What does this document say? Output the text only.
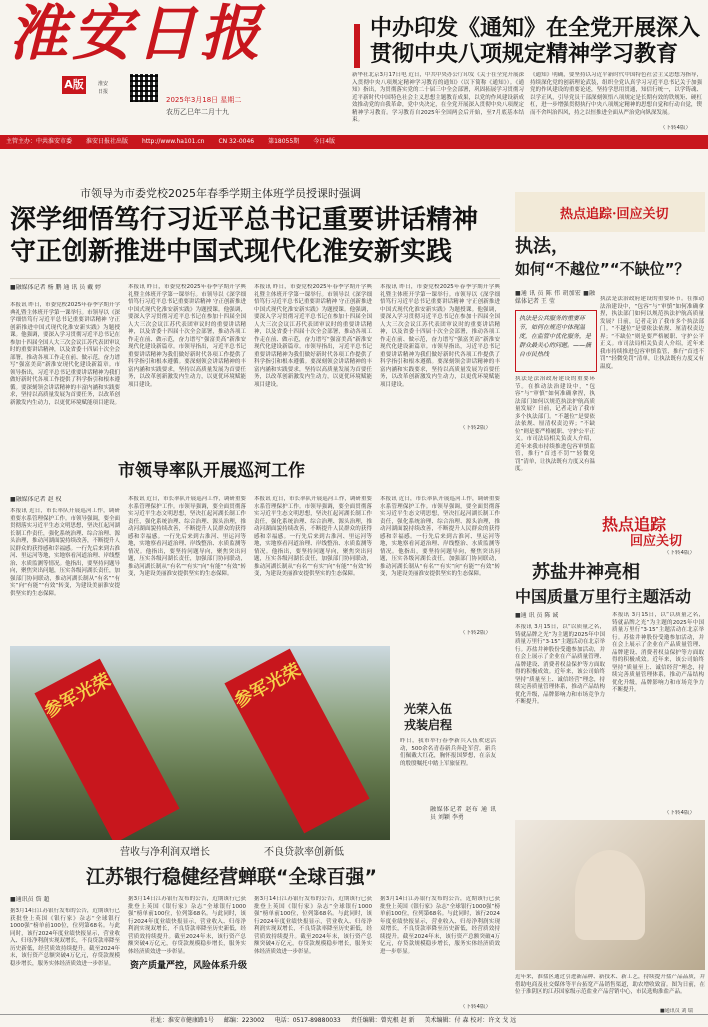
淮安日报
A版	淮安
日报
2025年3月18日 星期二
农历乙巳年二月十九
中办印发《通知》在全党开展深入
贯彻中央八项规定精神学习教育
新华社北京3月17日电 近日，中共中央办公厅印发《关于在全党开展深入贯彻中央八项规定精神学习教育的通知》（以下简称《通知》）。《通知》指出，为贯彻落实党的二十届三中全会部署，巩固拓展学习贯彻习近平新时代中国特色社会主义思想主题教育成果，以党的作风建设新成效推动党的自我革命，党中央决定，在全党开展深入贯彻中央八项规定精神学习教育。学习教育自2025年全国两会后开始，至7月底基本结束。
《通知》明确，要坚持以习近平新时代中国特色社会主义思想为指导，持续深化党的创新理论武装，组织全党认真学习习近平总书记关于加强党的作风建设的重要论述，坚持学思用贯通，知信行统一，以学铸魂、以学正风，引导党员干部深刻领悟八项规定是长期有效的铁规矩、硬杠杠，进一步增强贯彻执行中央八项规定精神的思想自觉和行动自觉，锲而不舍纠治四风，持之以恒推进全面从严治党向纵深发展。
主管主办：中共淮安市委 淮安日报社出版 http://www.ha101.cn CN 32-0046 第18055期 今日4版
市领导为市委党校2025年春季学期主体班学员授课时强调
深学细悟笃行习近平总书记重要讲话精神
守正创新推进中国式现代化淮安新实践
■融媒体记者 杨 鹏 通 讯 员 戴 婷
本报讯 昨日，市委党校2025年春季学期开学典礼暨主体班开学第一课举行。市领导以《深学细悟笃行习近平总书记重要讲话精神 守正创新推进中国式现代化淮安新实践》为题授课。他强调，要深入学习贯彻习近平总书记在参加十四届全国人大三次会议江苏代表团审议时的重要讲话精神，以及省委十四届十次全会部署，推动各项工作走在前、做示范，奋力谱写“强富美高”新淮安现代化建设新篇章。市领导指出，习近平总书记重要讲话精神为我们做好新时代各项工作提供了科学指引和根本遵循。要深刻领会讲话精神的丰富内涵和实践要求，坚持以高质量发展为首要任务，以改革创新激发内生动力，以更优环境赋能项目建设。
本报讯 昨日，市委党校2025年春季学期开学典礼暨主体班开学第一课举行。市领导以《深学细悟笃行习近平总书记重要讲话精神 守正创新推进中国式现代化淮安新实践》为题授课。他强调，要深入学习贯彻习近平总书记在参加十四届全国人大三次会议江苏代表团审议时的重要讲话精神，以及省委十四届十次全会部署，推动各项工作走在前、做示范，奋力谱写“强富美高”新淮安现代化建设新篇章。市领导指出，习近平总书记重要讲话精神为我们做好新时代各项工作提供了科学指引和根本遵循。要深刻领会讲话精神的丰富内涵和实践要求，坚持以高质量发展为首要任务，以改革创新激发内生动力，以更优环境赋能项目建设。
本报讯 昨日，市委党校2025年春季学期开学典礼暨主体班开学第一课举行。市领导以《深学细悟笃行习近平总书记重要讲话精神 守正创新推进中国式现代化淮安新实践》为题授课。他强调，要深入学习贯彻习近平总书记在参加十四届全国人大三次会议江苏代表团审议时的重要讲话精神，以及省委十四届十次全会部署，推动各项工作走在前、做示范，奋力谱写“强富美高”新淮安现代化建设新篇章。市领导指出，习近平总书记重要讲话精神为我们做好新时代各项工作提供了科学指引和根本遵循。要深刻领会讲话精神的丰富内涵和实践要求，坚持以高质量发展为首要任务，以改革创新激发内生动力，以更优环境赋能项目建设。
本报讯 昨日，市委党校2025年春季学期开学典礼暨主体班开学第一课举行。市领导以《深学细悟笃行习近平总书记重要讲话精神 守正创新推进中国式现代化淮安新实践》为题授课。他强调，要深入学习贯彻习近平总书记在参加十四届全国人大三次会议江苏代表团审议时的重要讲话精神，以及省委十四届十次全会部署，推动各项工作走在前、做示范，奋力谱写“强富美高”新淮安现代化建设新篇章。市领导指出，习近平总书记重要讲话精神为我们做好新时代各项工作提供了科学指引和根本遵循。要深刻领会讲话精神的丰富内涵和实践要求，坚持以高质量发展为首要任务，以改革创新激发内生动力，以更优环境赋能项目建设。
（下转2版）
市领导率队开展巡河工作
■融媒体记者 赵 权
本报讯 近日，市长率队开展巡河工作，调研重要水系管理保护工作。市领导强调，要全面贯彻落实习近平生态文明思想，坚决扛起河湖长制工作责任，强化系统治理、综合治理、源头治理，推动河湖面貌持续改善，不断提升人民群众的获得感和幸福感。一行先后来到古淮河、里运河等地，实地察看河道治理、岸线整治、水质监测等情况。他指出，要坚持问题导向，聚焦突出问题，压实各级河湖长责任，加强部门协同联动，推动河湖长制从“有名”“有实”向“有能”“有效”转变，为建设美丽淮安提供坚实的生态保障。
本报讯 近日，市长率队开展巡河工作，调研重要水系管理保护工作。市领导强调，要全面贯彻落实习近平生态文明思想，坚决扛起河湖长制工作责任，强化系统治理、综合治理、源头治理，推动河湖面貌持续改善，不断提升人民群众的获得感和幸福感。一行先后来到古淮河、里运河等地，实地察看河道治理、岸线整治、水质监测等情况。他指出，要坚持问题导向，聚焦突出问题，压实各级河湖长责任，加强部门协同联动，推动河湖长制从“有名”“有实”向“有能”“有效”转变，为建设美丽淮安提供坚实的生态保障。
本报讯 近日，市长率队开展巡河工作，调研重要水系管理保护工作。市领导强调，要全面贯彻落实习近平生态文明思想，坚决扛起河湖长制工作责任，强化系统治理、综合治理、源头治理，推动河湖面貌持续改善，不断提升人民群众的获得感和幸福感。一行先后来到古淮河、里运河等地，实地察看河道治理、岸线整治、水质监测等情况。他指出，要坚持问题导向，聚焦突出问题，压实各级河湖长责任，加强部门协同联动，推动河湖长制从“有名”“有实”向“有能”“有效”转变，为建设美丽淮安提供坚实的生态保障。
本报讯 近日，市长率队开展巡河工作，调研重要水系管理保护工作。市领导强调，要全面贯彻落实习近平生态文明思想，坚决扛起河湖长制工作责任，强化系统治理、综合治理、源头治理，推动河湖面貌持续改善，不断提升人民群众的获得感和幸福感。一行先后来到古淮河、里运河等地，实地察看河道治理、岸线整治、水质监测等情况。他指出，要坚持问题导向，聚焦突出问题，压实各级河湖长责任，加强部门协同联动，推动河湖长制从“有名”“有实”向“有能”“有效”转变，为建设美丽淮安提供坚实的生态保障。
参军光荣	参军光荣	光荣入伍
戎装启程
昨日，我市举行春季新兵入伍欢送活动，500余名青春新兵奔赴军营。新兵们佩戴大红花，胸怀报国梦想，在亲友的殷殷嘱托中踏上军旅征程。
融媒体记者 赵布 通 讯 员 刘颖 李勇
营收与净利润双增长	不良贷款率创新低
江苏银行稳健经营蝉联“全球百强”
■通讯员 詹 超
据3月14日江苏银行发布的公告，近期该行已获批登上英国《银行家》杂志“全球银行1000强”榜单前100位，位列第68名。与此同时，该行2024年度业绩快报显示，营业收入、归母净利润实现双增长，不良贷款率降至历史新低，经营质效持续提升。截至2024年末，该行资产总额突破4万亿元，存贷款规模稳步增长，服务实体经济质效进一步彰显。
据3月14日江苏银行发布的公告，近期该行已获批登上英国《银行家》杂志“全球银行1000强”榜单前100位，位列第68名。与此同时，该行2024年度业绩快报显示，营业收入、归母净利润实现双增长，不良贷款率降至历史新低，经营质效持续提升。截至2024年末，该行资产总额突破4万亿元，存贷款规模稳步增长，服务实体经济质效进一步彰显。
资产质量严控，风险体系升级
据3月14日江苏银行发布的公告，近期该行已获批登上英国《银行家》杂志“全球银行1000强”榜单前100位，位列第68名。与此同时，该行2024年度业绩快报显示，营业收入、归母净利润实现双增长，不良贷款率降至历史新低，经营质效持续提升。截至2024年末，该行资产总额突破4万亿元，存贷款规模稳步增长，服务实体经济质效进一步彰显。
据3月14日江苏银行发布的公告，近期该行已获批登上英国《银行家》杂志“全球银行1000强”榜单前100位，位列第68名。与此同时，该行2024年度业绩快报显示，营业收入、归母净利润实现双增长，不良贷款率降至历史新低，经营质效持续提升。截至2024年末，该行资产总额突破4万亿元，存贷款规模稳步增长，服务实体经济质效进一步彰显。
热点追踪·回应关切
执法，
如何“不越位”“不缺位”？
■通 讯 员 陈 伟 胡加宏 ■融媒体记者 王 莹
执法是公共服务的重要环节，如何在规范中体现温度，在监管中优化服务，是群众最关心的问题。——摘自市民热线
执法是法治政府建设的重要环节。在推动法治建设中，“包容”与“审慎”如何准确拿捏，执法部门如何以规范执法护航高质量发展？日前，记者走访了我市多个执法部门。“不越位”是要依法依规、厘清权责边界；“不缺位”则是要严格履职、守护公平正义。市司法局相关负责人介绍，近年来我市持续推进包容审慎监管，推行“首违不罚”“轻微免罚”清单，让执法既有力度又有温度。
执法是法治政府建设的重要环节。在推动法治建设中，“包容”与“审慎”如何准确拿捏，执法部门如何以规范执法护航高质量发展？日前，记者走访了我市多个执法部门。“不越位”是要依法依规、厘清权责边界；“不缺位”则是要严格履职、守护公平正义。市司法局相关负责人介绍，近年来我市持续推进包容审慎监管，推行“首违不罚”“轻微免罚”清单，让执法既有力度又有温度。
热点追踪
回应关切
苏盐井神亮相
中国质量万里行主题活动
■通 讯 员 陈 诚
本报讯 3月15日，以“以质量之名，铸就品牌之光”为主题的2025年中国质量万里行“3·15”主题活动在北京举行。苏盐井神股份受邀参加活动，并在会上展示了企业在产品质量管理、品牌建设、消费者权益保护等方面取得的积极成效。近年来，该公司始终坚持“质量至上、诚信经营”理念，持续完善质量管理体系，推动产品结构优化升级，品牌影响力和市场竞争力不断提升。
本报讯 3月15日，以“以质量之名，铸就品牌之光”为主题的2025年中国质量万里行“3·15”主题活动在北京举行。苏盐井神股份受邀参加活动，并在会上展示了企业在产品质量管理、品牌建设、消费者权益保护等方面取得的积极成效。近年来，该公司始终坚持“质量至上、诚信经营”理念，持续完善质量管理体系，推动产品结构优化升级，品牌影响力和市场竞争力不断提升。
近年来，淮盐区通过引进新品种、新技术、新工艺，持续提升盐产品品质，并借助电商及社交媒体等平台拓宽产品销售渠道，助农增收致富。图为日前，在位于淮阴区的江苏国家级示范盐业产品营销中心，市民选购淮盐产品。
■通讯员 刘 瑞
社址：淮安市健康路1号 邮编：223002 电话：0517-89880033 责任编辑：曾宪根 赵 新 美术编辑：付 森 校对：许文 戈 远
（下转4版）
（下转2版）
（下转4版）
（下转4版）
（下转4版）
